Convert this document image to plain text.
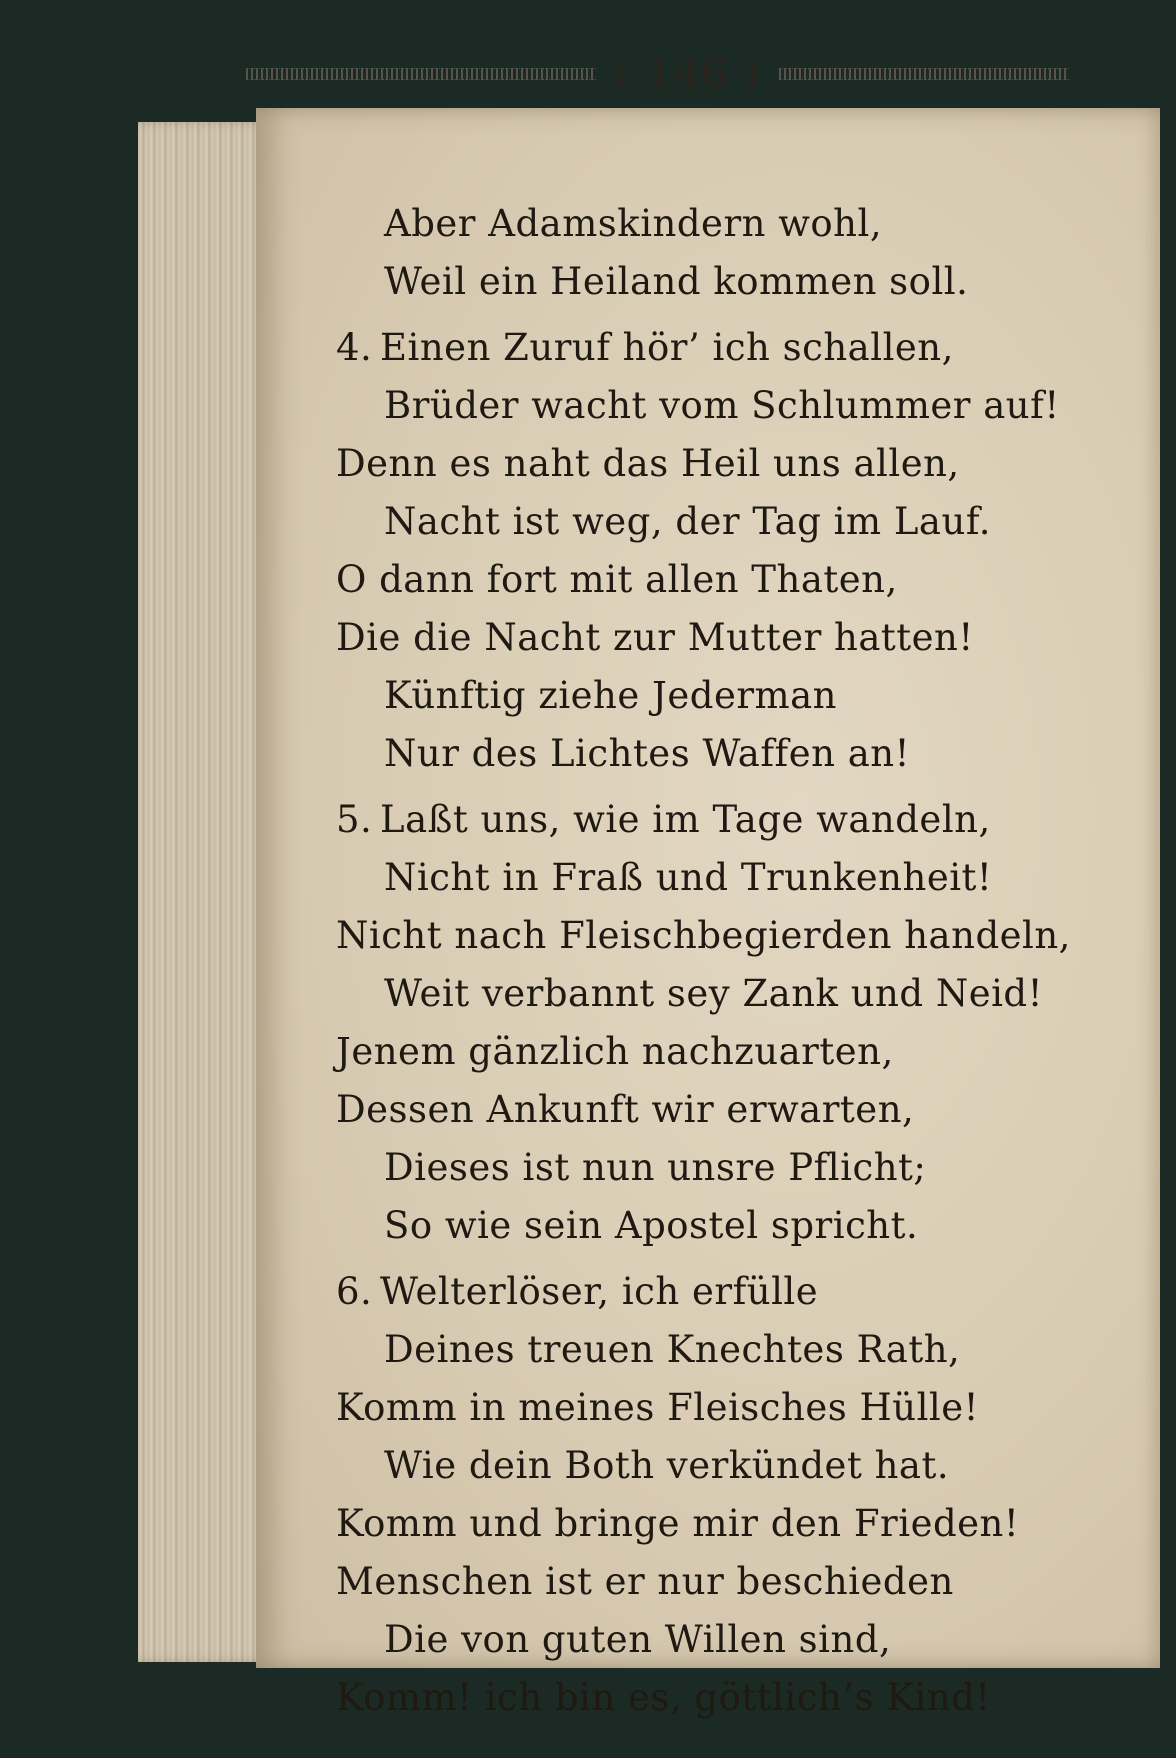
( 146 )
Aber Adamskindern wohl,
Weil ein Heiland kommen soll.
4. Einen Zuruf hör’ ich schallen,
Brüder wacht vom Schlummer auf!
Denn es naht das Heil uns allen,
Nacht ist weg, der Tag im Lauf.
O dann fort mit allen Thaten,
Die die Nacht zur Mutter hatten!
Künftig ziehe Jederman
Nur des Lichtes Waffen an!
5. Laßt uns, wie im Tage wandeln,
Nicht in Fraß und Trunkenheit!
Nicht nach Fleischbegierden handeln,
Weit verbannt sey Zank und Neid!
Jenem gänzlich nachzuarten,
Dessen Ankunft wir erwarten,
Dieses ist nun unsre Pflicht;
So wie sein Apostel spricht.
6. Welterlöser, ich erfülle
Deines treuen Knechtes Rath,
Komm in meines Fleisches Hülle!
Wie dein Both verkündet hat.
Komm und bringe mir den Frieden!
Menschen ist er nur beschieden
Die von guten Willen sind,
Komm! ich bin es, göttlich’s Kind!
